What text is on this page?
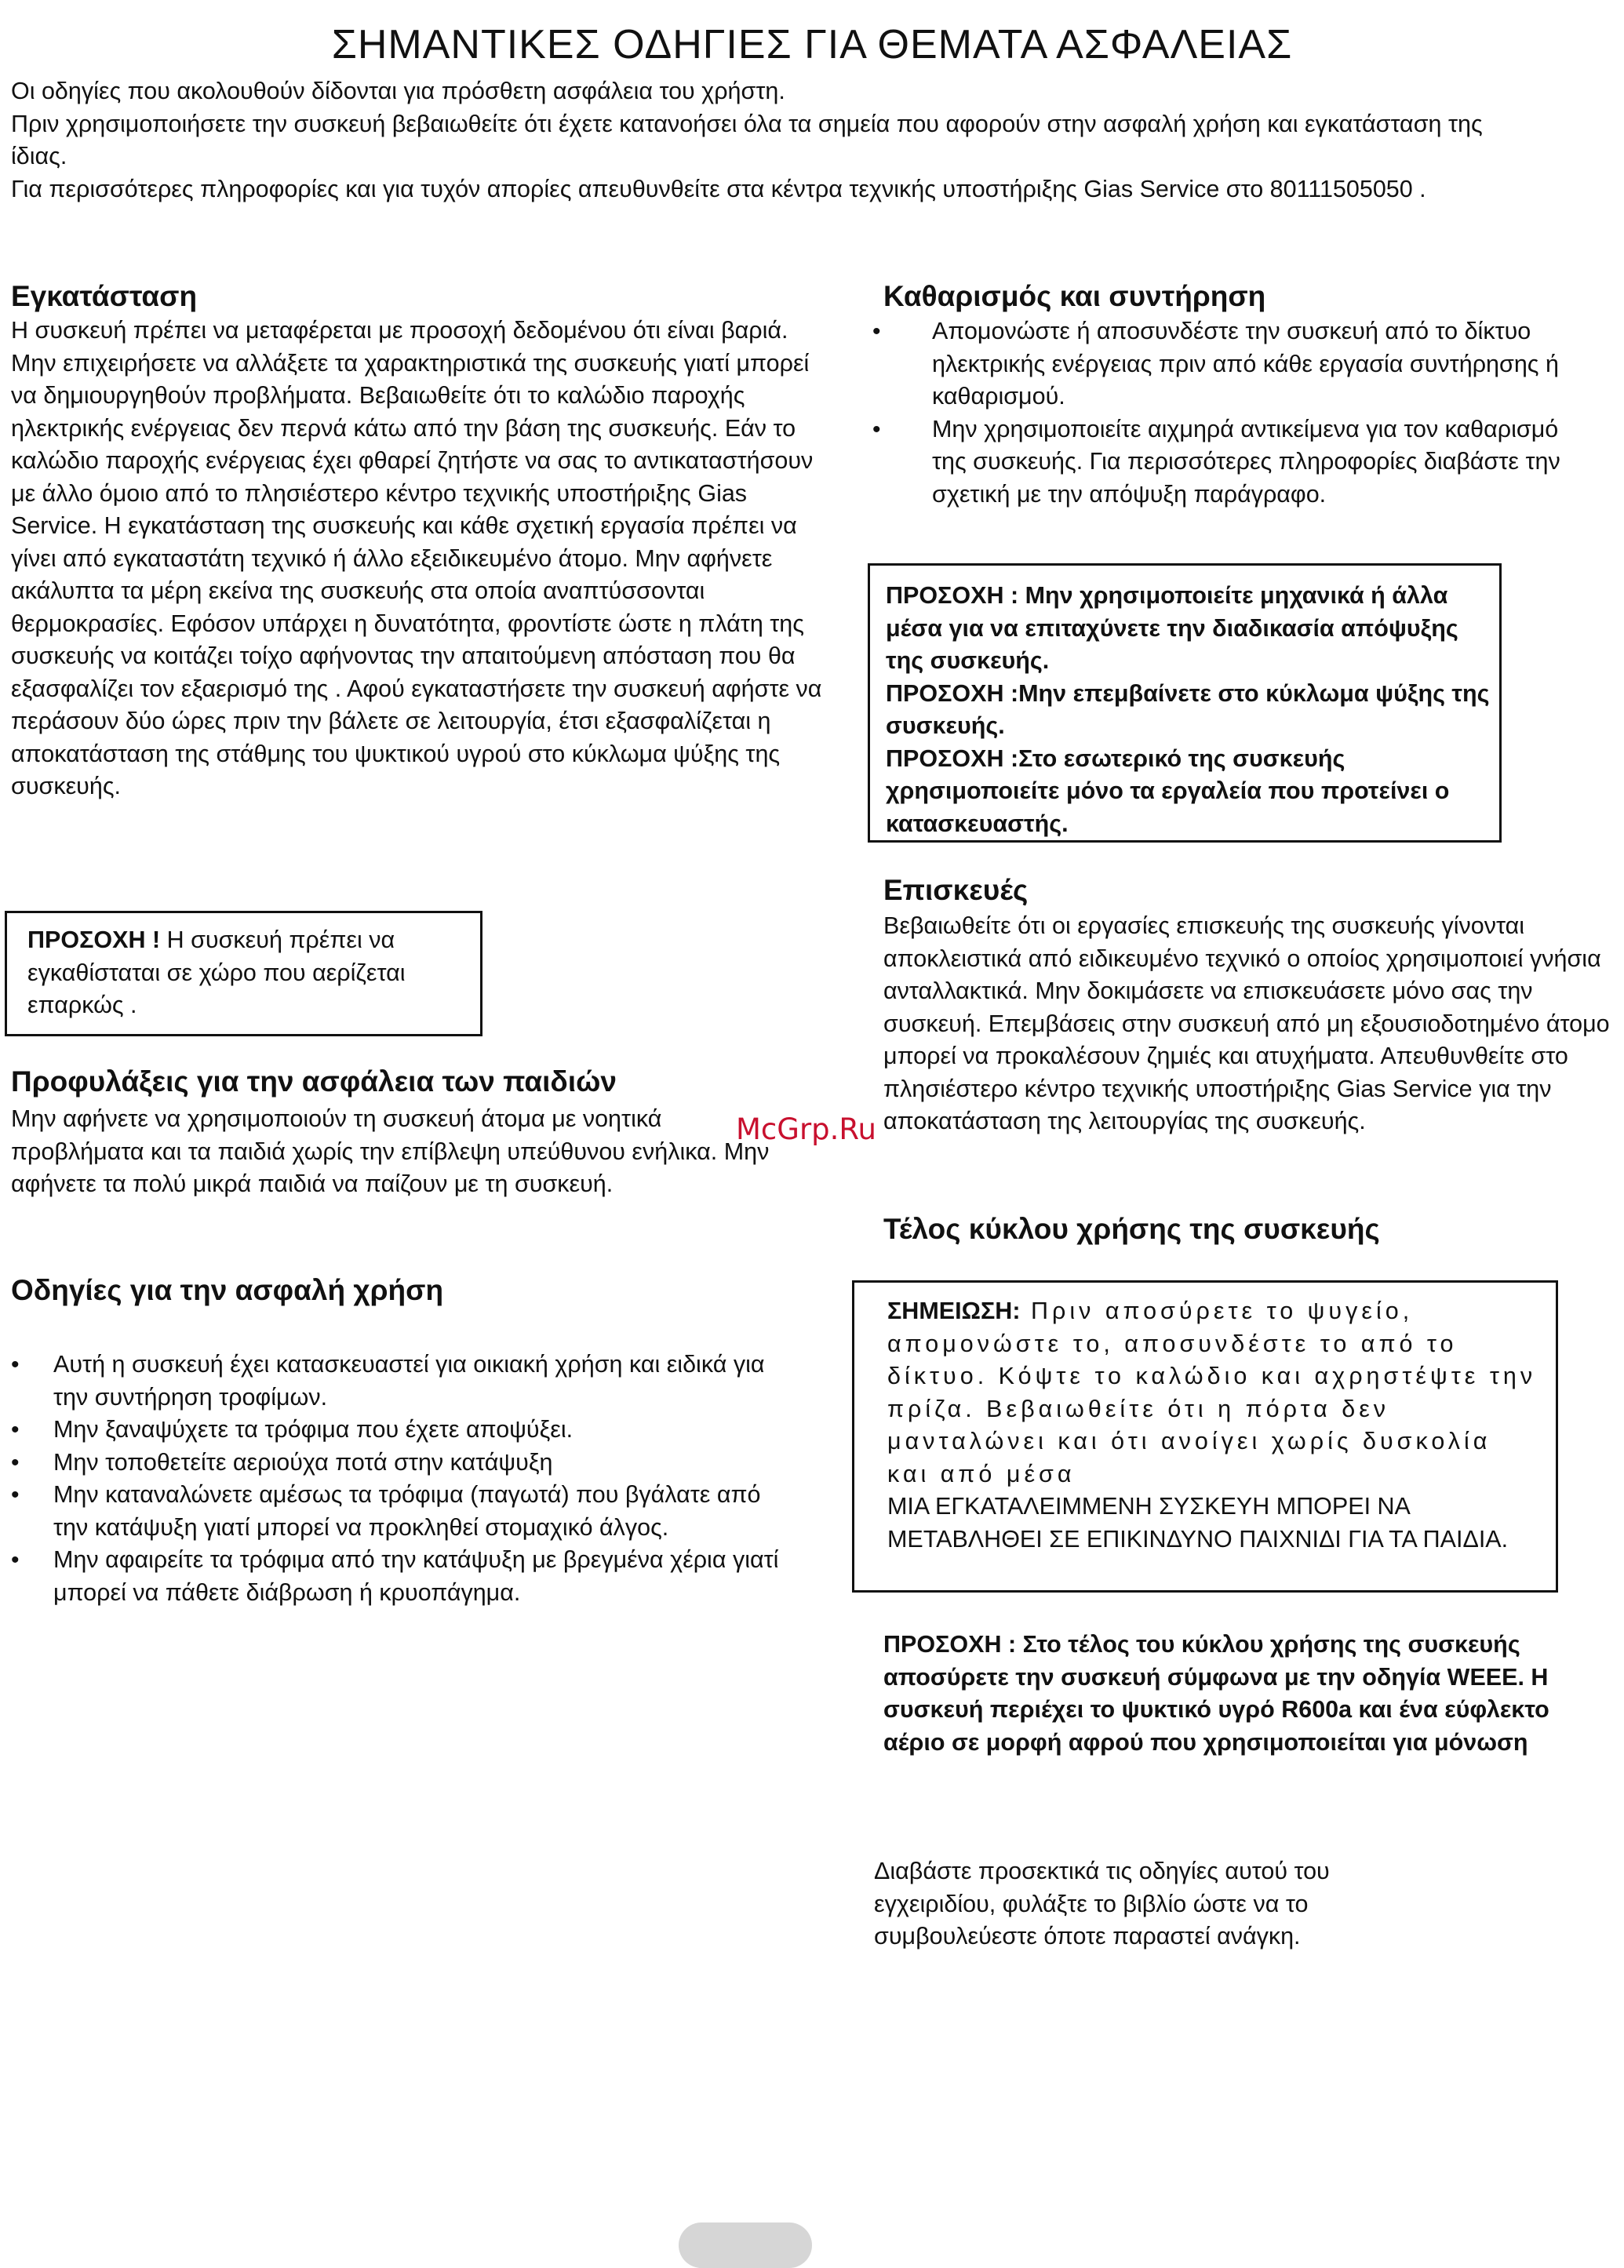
ΣΗΜΑΝΤΙΚΕΣ ΟΔΗΓΙΕΣ ΓΙΑ ΘΕΜΑΤΑ ΑΣΦΑΛΕΙΑΣ

Οι οδηγίες που ακολουθούν δίδονται για πρόσθετη ασφάλεια του χρήστη.

Πριν χρησιμοποιήσετε την συσκευή βεβαιωθείτε ότι έχετε κατανοήσει όλα τα σημεία που αφορούν στην ασφαλή χρήση και εγκατάσταση της ίδιας.

Για περισσότερες πληροφορίες και για τυχόν απορίες απευθυνθείτε στα κέντρα τεχνικής υποστήριξης Gias Service στο 80111505050 .

Εγκατάσταση

Η συσκευή πρέπει να μεταφέρεται με προσοχή δεδομένου ότι είναι βαριά. Μην επιχειρήσετε να αλλάξετε τα χαρακτηριστικά της συσκευής γιατί μπορεί να δημιουργηθούν προβλήματα. Βεβαιωθείτε ότι το καλώδιο παροχής ηλεκτρικής ενέργειας δεν περνά κάτω από την βάση της συσκευής. Εάν το καλώδιο παροχής ενέργειας έχει φθαρεί ζητήστε να σας το αντικαταστήσουν με άλλο όμοιο από το πλησιέστερο κέντρο τεχνικής υποστήριξης Gias Service. Η εγκατάσταση της συσκευής και κάθε σχετική εργασία πρέπει να γίνει από εγκαταστάτη τεχνικό ή άλλο εξειδικευμένο άτομο. Μην αφήνετε ακάλυπτα τα μέρη εκείνα της συσκευής στα οποία αναπτύσσονται θερμοκρασίες. Εφόσον υπάρχει η δυνατότητα, φροντίστε ώστε η πλάτη της συσκευής να κοιτάζει τοίχο αφήνοντας την απαιτούμενη απόσταση που θα εξασφαλίζει τον εξαερισμό της . Αφού εγκαταστήσετε την συσκευή αφήστε να περάσουν δύο ώρες πριν την βάλετε σε λειτουργία, έτσι εξασφαλίζεται η αποκατάσταση της στάθμης του ψυκτικού υγρού στο κύκλωμα ψύξης της συσκευής.

ΠΡΟΣΟΧΗ ! Η συσκευή πρέπει να εγκαθίσταται σε χώρο που αερίζεται επαρκώς .

Προφυλάξεις για την ασφάλεια των παιδιών

Μην αφήνετε να χρησιμοποιούν τη συσκευή άτομα με νοητικά προβλήματα και τα παιδιά χωρίς την επίβλεψη υπεύθυνου ενήλικα. Μην αφήνετε τα πολύ μικρά παιδιά να παίζουν με τη συσκευή.

Οδηγίες για την ασφαλή χρήση
• Αυτή η συσκευή έχει κατασκευαστεί για οικιακή χρήση και ειδικά για την συντήρηση τροφίμων.
• Μην ξαναψύχετε τα τρόφιμα που έχετε αποψύξει.
• Μην τοποθετείτε αεριούχα ποτά στην κατάψυξη
• Μην καταναλώνετε αμέσως τα τρόφιμα (παγωτά) που βγάλατε από την κατάψυξη γιατί μπορεί να προκληθεί στομαχικό άλγος.
• Μην αφαιρείτε τα τρόφιμα από την κατάψυξη με βρεγμένα χέρια γιατί μπορεί να πάθετε διάβρωση ή κρυοπάγημα.
Καθαρισμός και συντήρηση
• Απομονώστε ή αποσυνδέστε την συσκευή από το δίκτυο ηλεκτρικής ενέργειας πριν από κάθε εργασία συντήρησης ή καθαρισμού.
• Μην χρησιμοποιείτε αιχμηρά αντικείμενα για τον καθαρισμό της συσκευής. Για περισσότερες πληροφορίες διαβάστε την σχετική με την απόψυξη παράγραφο.
ΠΡΟΣΟΧΗ : Μην χρησιμοποιείτε μηχανικά ή άλλα μέσα για να επιταχύνετε την διαδικασία απόψυξης της συσκευής.
ΠΡΟΣΟΧΗ :Μην επεμβαίνετε στο κύκλωμα ψύξης της συσκευής.
ΠΡΟΣΟΧΗ :Στο εσωτερικό της συσκευής χρησιμοποιείτε μόνο τα εργαλεία που προτείνει ο κατασκευαστής.
Επισκευές

Βεβαιωθείτε ότι οι εργασίες επισκευής της συσκευής γίνονται αποκλειστικά από ειδικευμένο τεχνικό ο οποίος χρησιμοποιεί γνήσια ανταλλακτικά. Μην δοκιμάσετε να επισκευάσετε μόνο σας την συσκευή. Επεμβάσεις στην συσκευή από μη εξουσιοδοτημένο άτομο μπορεί να προκαλέσουν ζημιές και ατυχήματα. Απευθυνθείτε στο πλησιέστερο κέντρο τεχνικής υποστήριξης Gias Service για την αποκατάσταση της λειτουργίας της συσκευής.

Τέλος κύκλου χρήσης της συσκευής

ΣΗΜΕΙΩΣΗ: Πριν αποσύρετε το ψυγείο, απομονώστε το, αποσυνδέστε το από το δίκτυο. Κόψτε το καλώδιο και αχρηστέψτε την πρίζα. Βεβαιωθείτε ότι η πόρτα δεν μανταλώνει και ότι ανοίγει χωρίς δυσκολία και από μέσα

ΜΙΑ ΕΓΚΑΤΑΛΕΙΜΜΕΝΗ ΣΥΣΚΕΥΗ ΜΠΟΡΕΙ ΝΑ ΜΕΤΑΒΛΗΘΕΙ ΣΕ ΕΠΙΚΙΝΔΥΝΟ ΠΑΙΧΝΙΔΙ ΓΙΑ ΤΑ ΠΑΙΔΙΑ.

ΠΡΟΣΟΧΗ : Στο τέλος του κύκλου χρήσης της συσκευής αποσύρετε την συσκευή σύμφωνα με την οδηγία WEEE. Η συσκευή περιέχει το ψυκτικό υγρό R600a και ένα εύφλεκτο αέριο σε μορφή αφρού που χρησιμοποιείται για μόνωση

Διαβάστε προσεκτικά τις οδηγίες αυτού του εγχειριδίου, φυλάξτε το βιβλίο ώστε να το συμβουλεύεστε όποτε παραστεί ανάγκη.

McGrp.Ru
